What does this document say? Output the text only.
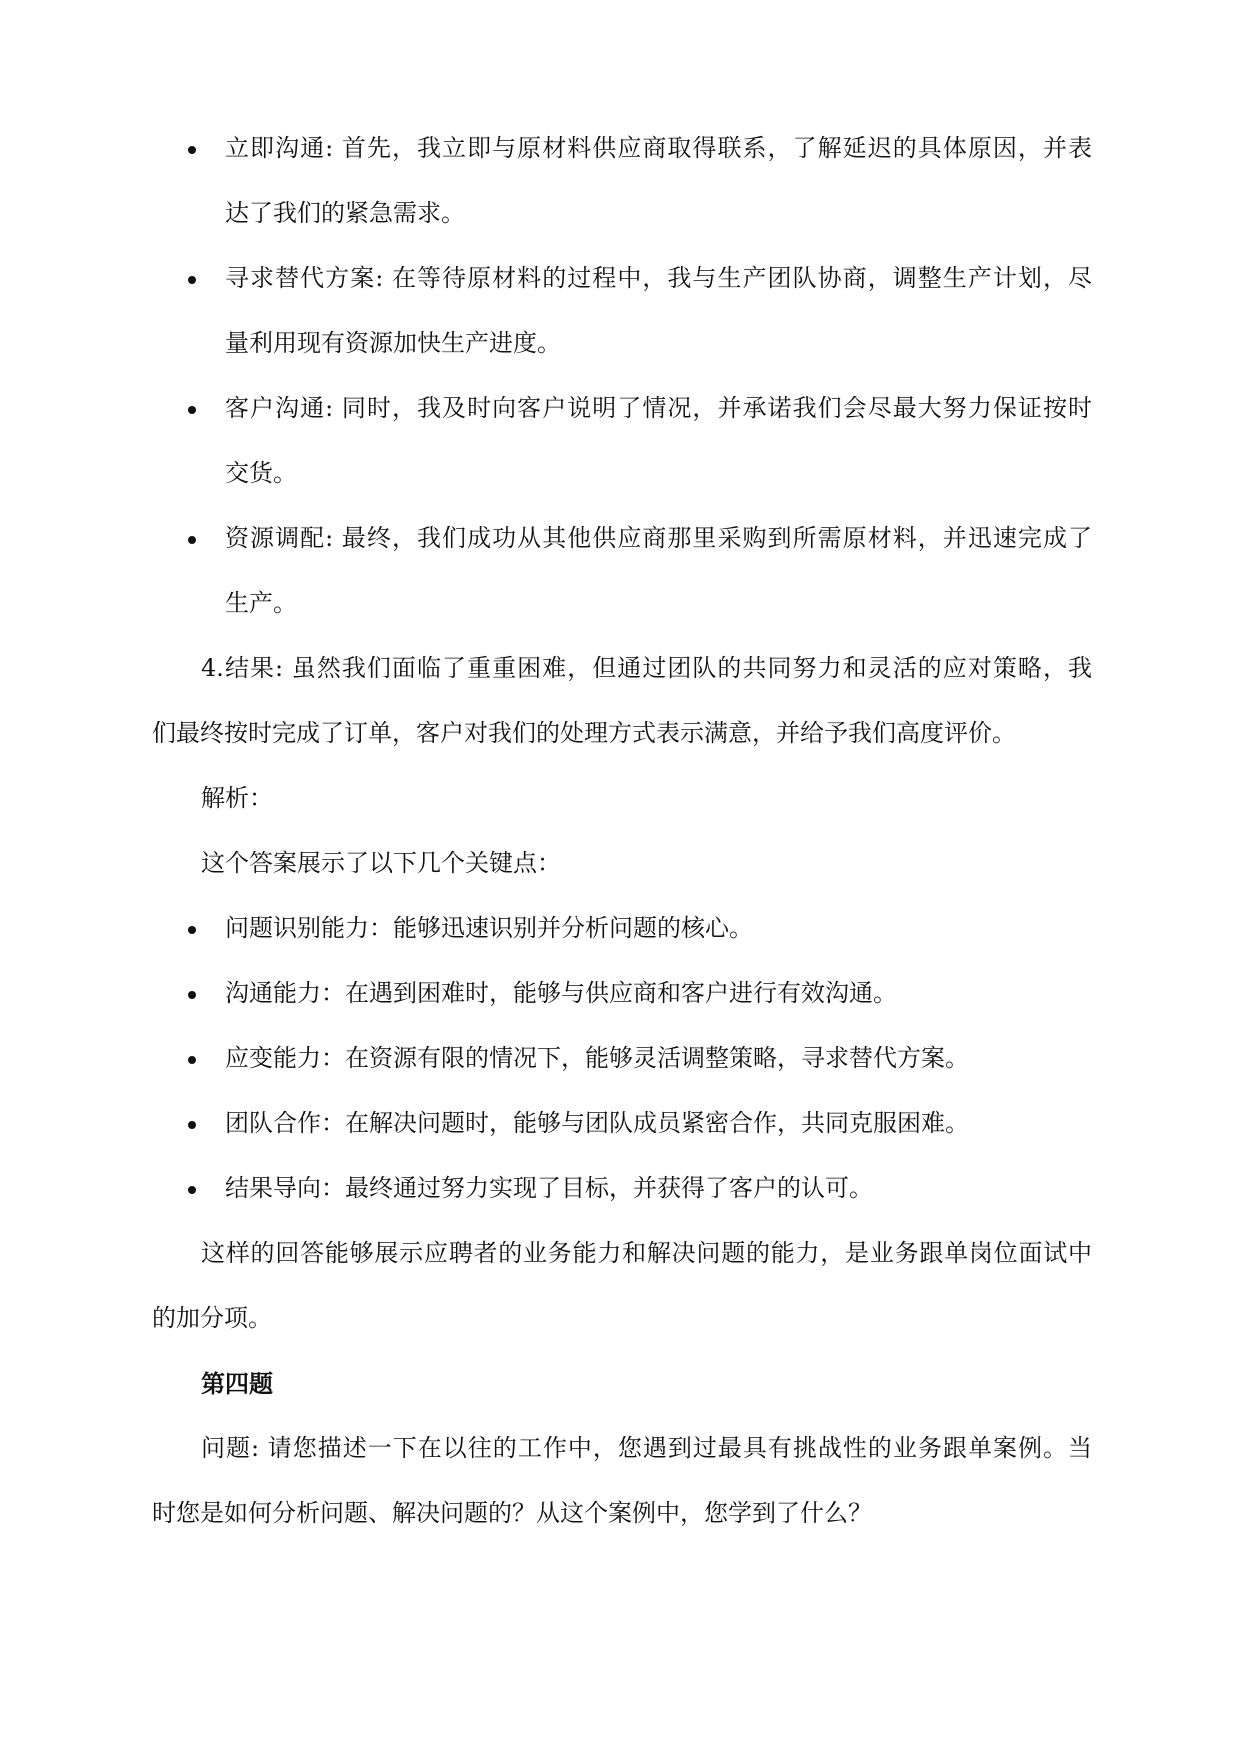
立即沟通: 首先，我立即与原材料供应商取得联系，了解延迟的具体原因，并表
达了我们的紧急需求。
寻求替代方案: 在等待原材料的过程中，我与生产团队协商，调整生产计划，尽
量利用现有资源加快生产进度。
客户沟通: 同时，我及时向客户说明了情况，并承诺我们会尽最大努力保证按时
交货。
资源调配: 最终，我们成功从其他供应商那里采购到所需原材料，并迅速完成了
生产。
4.结果: 虽然我们面临了重重困难，但通过团队的共同努力和灵活的应对策略，我
们最终按时完成了订单，客户对我们的处理方式表示满意，并给予我们高度评价。
解析：
这个答案展示了以下几个关键点：
问题识别能力：能够迅速识别并分析问题的核心。
沟通能力：在遇到困难时，能够与供应商和客户进行有效沟通。
应变能力：在资源有限的情况下，能够灵活调整策略，寻求替代方案。
团队合作：在解决问题时，能够与团队成员紧密合作，共同克服困难。
结果导向：最终通过努力实现了目标，并获得了客户的认可。
这样的回答能够展示应聘者的业务能力和解决问题的能力，是业务跟单岗位面试中
的加分项。
第四题
问题: 请您描述一下在以往的工作中，您遇到过最具有挑战性的业务跟单案例。当
时您是如何分析问题、解决问题的？从这个案例中，您学到了什么？
